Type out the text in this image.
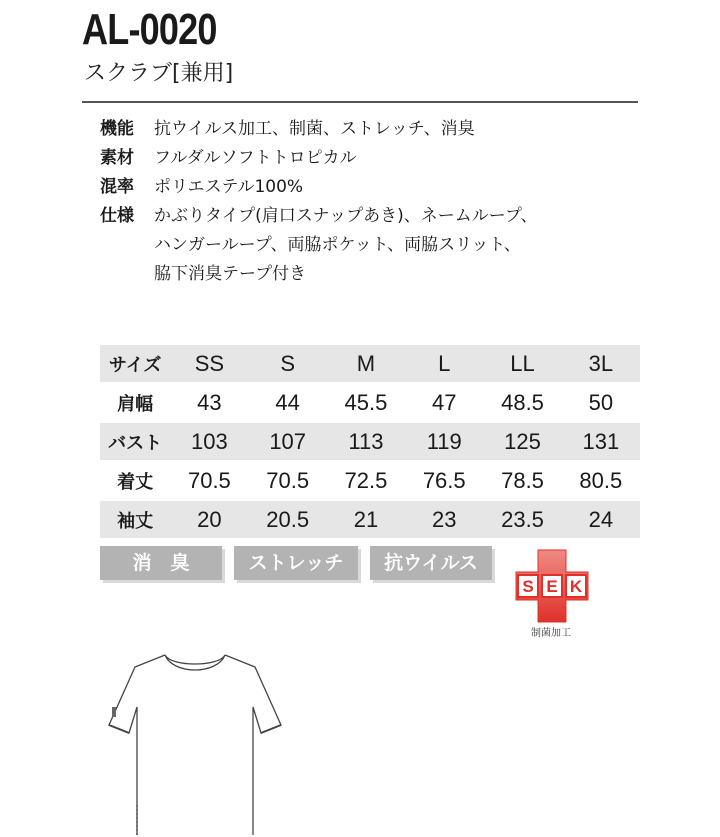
AL-0020
スクラブ[兼用]
機能	抗ウイルス加工、制菌、ストレッチ、消臭
素材	フルダルソフトトロピカル
混率	ポリエステル100%
仕様	かぶりタイプ(肩口スナップあき)、ネームループ、
ハンガーループ、両脇ポケット、両脇スリット、
脇下消臭テープ付き
サイズ	SS	S	M	L	LL	3L
肩幅	43	44	45.5	47	48.5	50
バスト	103	107	113	119	125	131
着丈	70.5	70.5	72.5	76.5	78.5	80.5
袖丈	20	20.5	21	23	23.5	24
消　臭	ストレッチ	抗ウイルス
S E K
制菌加工
